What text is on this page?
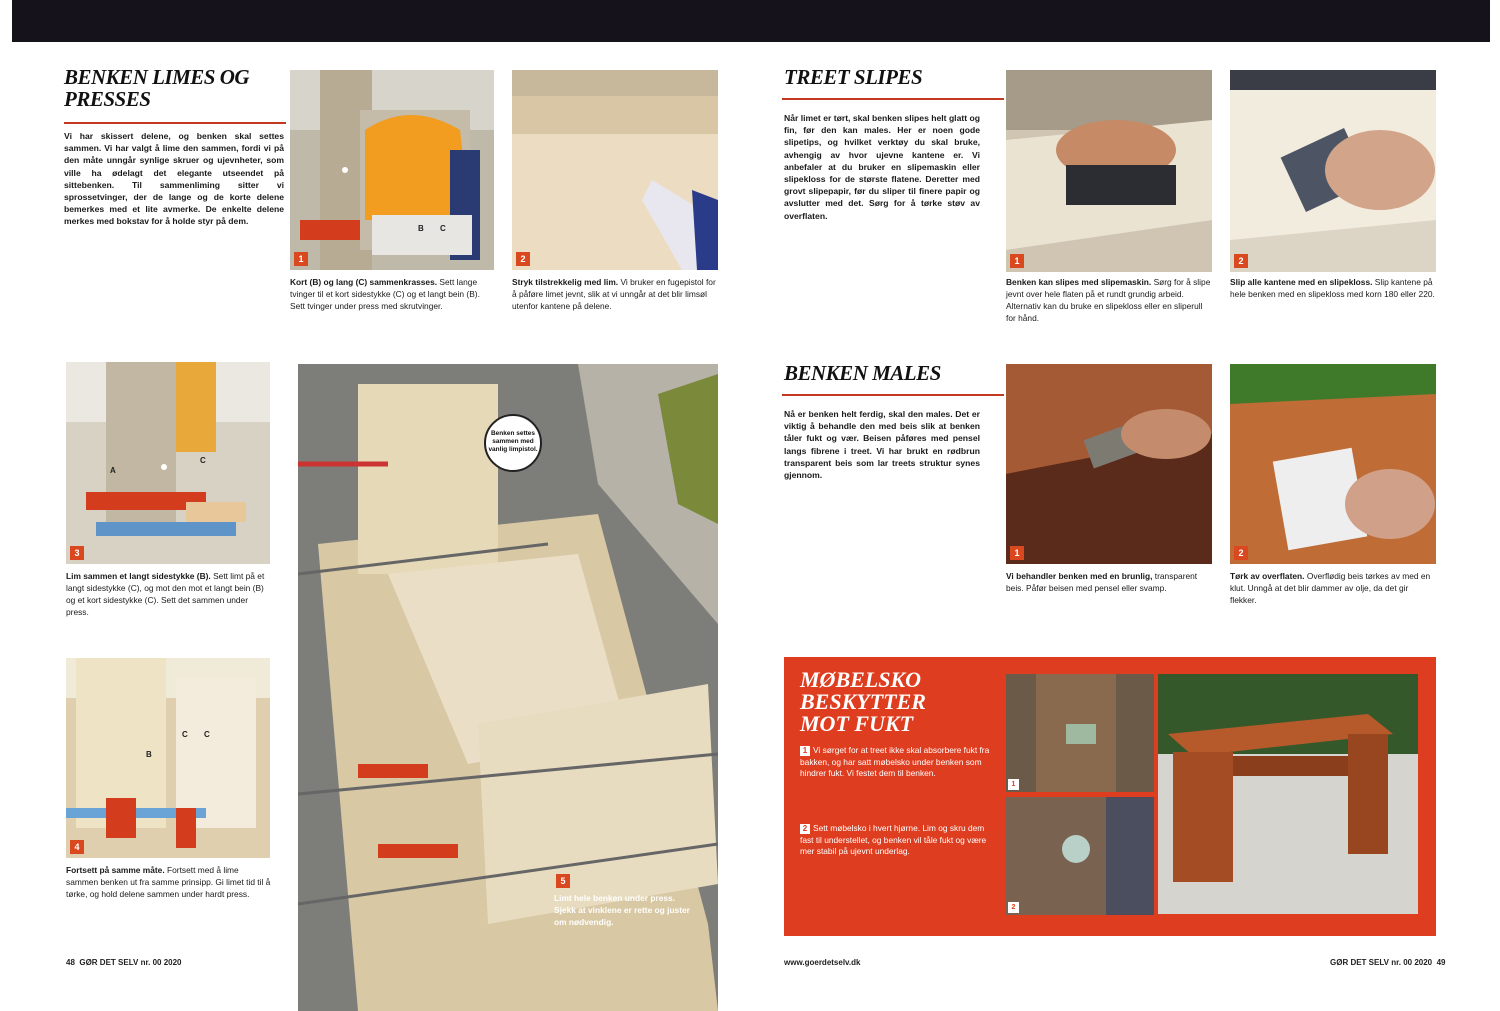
BENKEN LIMES OG PRESSES
Vi har skissert delene, og benken skal settes sammen. Vi har valgt å lime den sammen, fordi vi på den måte unngår synlige skruer og ujevnheter, som ville ha ødelagt det elegante utseendet på sittebenken. Til sammenliming sitter vi sprossetvinger, der de lange og de korte delene bemerkes med et lite avmerke. De enkelte delene merkes med bokstav for å holde styr på dem.
1
B C
Kort (B) og lang (C) sammenkrasses. Sett lange tvinger til et kort sidestykke (C) og et langt bein (B). Sett tvinger under press med skrutvinger.
2
Stryk tilstrekkelig med lim. Vi bruker en fugepistol for å påføre limet jevnt, slik at vi unngår at det blir limsøl utenfor kantene på delene.
3
A
C
Lim sammen et langt sidestykke (B). Sett limt på et langt sidestykke (C), og mot den mot et langt bein (B) og et kort sidestykke (C). Sett det sammen under press.
4
C C
B
Fortsett på samme måte. Fortsett med å lime sammen benken ut fra samme prinsipp. Gi limet tid til å tørke, og hold delene sammen under hardt press.
Benken settes sammen med vanlig limpistol.
5
Limt hele benken under press. Sjekk at vinklene er rette og juster om nødvendig.
48 GØR DET SELV nr. 00 2020
TREET SLIPES
Når limet er tørt, skal benken slipes helt glatt og fin, før den kan males. Her er noen gode slipetips, og hvilket verktøy du skal bruke, avhengig av hvor ujevne kantene er. Vi anbefaler at du bruker en slipemaskin eller slipekloss for de største flatene. Deretter med grovt slipepapir, før du sliper til finere papir og avslutter med det. Sørg for å tørke støv av overflaten.
1
Benken kan slipes med slipemaskin. Sørg for å slipe jevnt over hele flaten på et rundt grundig arbeid. Alternativ kan du bruke en slipekloss eller en sliperull for hånd.
2
Slip alle kantene med en slipekloss. Slip kantene på hele benken med en slipekloss med korn 180 eller 220.
BENKEN MALES
Nå er benken helt ferdig, skal den males. Det er viktig å behandle den med beis slik at benken tåler fukt og vær. Beisen påføres med pensel langs fibrene i treet. Vi har brukt en rødbrun transparent beis som lar treets struktur synes gjennom.
1
Vi behandler benken med en brunlig, transparent beis. Påfør beisen med pensel eller svamp.
2
Tørk av overflaten. Overflødig beis tørkes av med en klut. Unngå at det blir dammer av olje, da det gir flekker.
MØBELSKO BESKYTTER MOT FUKT
1 Vi sørget for at treet ikke skal absorbere fukt fra bakken, og har satt møbelsko under benken som hindrer fukt. Vi festet dem til benken.
2 Sett møbelsko i hvert hjørne. Lim og skru dem fast til understellet, og benken vil tåle fukt og være mer stabil på ujevnt underlag.
1
2
www.goerdetselv.dk	GØR DET SELV nr. 00 2020 49
